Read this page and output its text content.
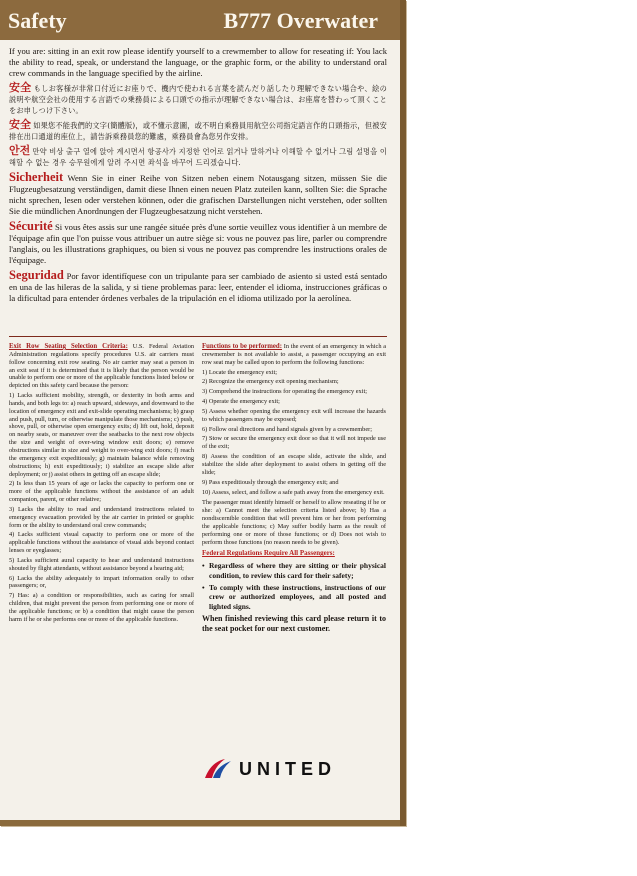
Safety	B777 Overwater

If you are: sitting in an exit row please identify yourself to a crewmember to allow for reseating if: You lack the ability to read, speak, or understand the language, or the graphic form, or the ability to understand oral crew commands in the language specified by the airline.

安全 もしお客様が非常口付近にお座りで、機内で使われる言葉を読んだり話したり理解できない場合や、絵の説明や航空会社の使用する言語での乗務員による口頭での指示が理解できない場合は、お座席を替わって頂くことをお申しつけ下さい。

安全 如果您不能我們的文字(簡體版)，或不懂示意圖，或不明白乘務員用航空公司指定語言作的口頭指示，但被安排在出口通道的座位上，請告訴乘務員您的難處，乘務員會為您另作安排。

안전 만약 비상 출구 열에 앉아 계시면서 항공사가 지정한 언어로 읽거나 말하거나 이해할 수 없거나 그림 설명을 이해할 수 없는 경우 승무원에게 알려 주시면 좌석을 바꾸어 드리겠습니다.

Sicherheit Wenn Sie in einer Reihe von Sitzen neben einem Notausgang sitzen, müssen Sie die Flugzeugbesatzung verständigen, damit diese Ihnen einen neuen Platz zuteilen kann, sollten Sie: die Sprache nicht sprechen, lesen oder verstehen können, oder die grafischen Darstellungen nicht verstehen, oder sollten Sie die mündlichen Anordnungen der Flugzeugbesatzung nicht verstehen.

Sécurité Si vous êtes assis sur une rangée située près d'une sortie veuillez vous identifier à un membre de l'équipage afin que l'on puisse vous attribuer un autre siège si: vous ne pouvez pas lire, parler ou comprendre l'anglais, ou les illustrations graphiques, ou bien si vous ne pouvez pas comprendre les instructions orales de l'équipage.

Seguridad Por favor identifíquese con un tripulante para ser cambiado de asiento si usted está sentado en una de las hileras de la salida, y si tiene problemas para: leer, entender el idioma, instrucciones gráficas o la dificultad para entender órdenes verbales de la tripulación en el idioma utilizado por la aerolínea.

Exit Row Seating Selection Criteria: U.S. Federal Aviation Administration regulations specify procedures U.S. air carriers must follow concerning exit row seating. No air carrier may seat a person in an exit seat if it is determined that it is likely that the person would be unable to perform one or more of the applicable functions listed below or depicted on this safety card because the person:

1) Lacks sufficient mobility, strength, or dexterity in both arms and hands, and both legs to: a) reach upward, sideways, and downward to the location of emergency exit and exit-slide operating mechanisms; b) grasp and push, pull, turn, or otherwise manipulate those mechanisms; c) push, shove, pull, or otherwise open emergency exits; d) lift out, hold, deposit on nearby seats, or maneuver over the seatbacks to the next row objects the size and weight of over-wing window exit doors; e) remove obstructions similar in size and weight to over-wing exit doors; f) reach the emergency exit expeditiously; g) maintain balance while removing obstructions; h) exit expeditiously; i) stabilize an escape slide after deployment; or j) assist others in getting off an escape slide;

2) Is less than 15 years of age or lacks the capacity to perform one or more of the applicable functions without the assistance of an adult companion, parent, or other relative;

3) Lacks the ability to read and understand instructions related to emergency evacuation provided by the air carrier in printed or graphic form or the ability to understand oral crew commands;

4) Lacks sufficient visual capacity to perform one or more of the applicable functions without the assistance of visual aids beyond contact lenses or eyeglasses;

5) Lacks sufficient aural capacity to hear and understand instructions shouted by flight attendants, without assistance beyond a hearing aid;

6) Lacks the ability adequately to impart information orally to other passengers; or,

7) Has: a) a condition or responsibilities, such as caring for small children, that might prevent the person from performing one or more of the applicable functions; or b) a condition that might cause the person harm if he or she performs one or more of the applicable functions.

Functions to be performed: In the event of an emergency in which a crewmember is not available to assist, a passenger occupying an exit row seat may be called upon to perform the following functions:

1) Locate the emergency exit;

2) Recognize the emergency exit opening mechanism;

3) Comprehend the instructions for operating the emergency exit;

4) Operate the emergency exit;

5) Assess whether opening the emergency exit will increase the hazards to which passengers may be exposed;

6) Follow oral directions and hand signals given by a crewmember;

7) Stow or secure the emergency exit door so that it will not impede use of the exit;

8) Assess the condition of an escape slide, activate the slide, and stabilize the slide after deployment to assist others in getting off the slide;

9) Pass expeditiously through the emergency exit; and

10) Assess, select, and follow a safe path away from the emergency exit.

The passenger must identify himself or herself to allow reseating if he or she: a) Cannot meet the selection criteria listed above; b) Has a nondiscernible condition that will prevent him or her from performing the applicable functions; c) May suffer bodily harm as the result of performing one or more of those functions; or d) Does not wish to perform those functions (no reason needs to be given).

Federal Regulations Require All Passengers:

• Regardless of where they are sitting or their physical condition, to review this card for their safety;
• To comply with these instructions, instructions of our crew or authorized employees, and all posted and lighted signs.

When finished reviewing this card please return it to the seat pocket for our next customer.

UNITED
